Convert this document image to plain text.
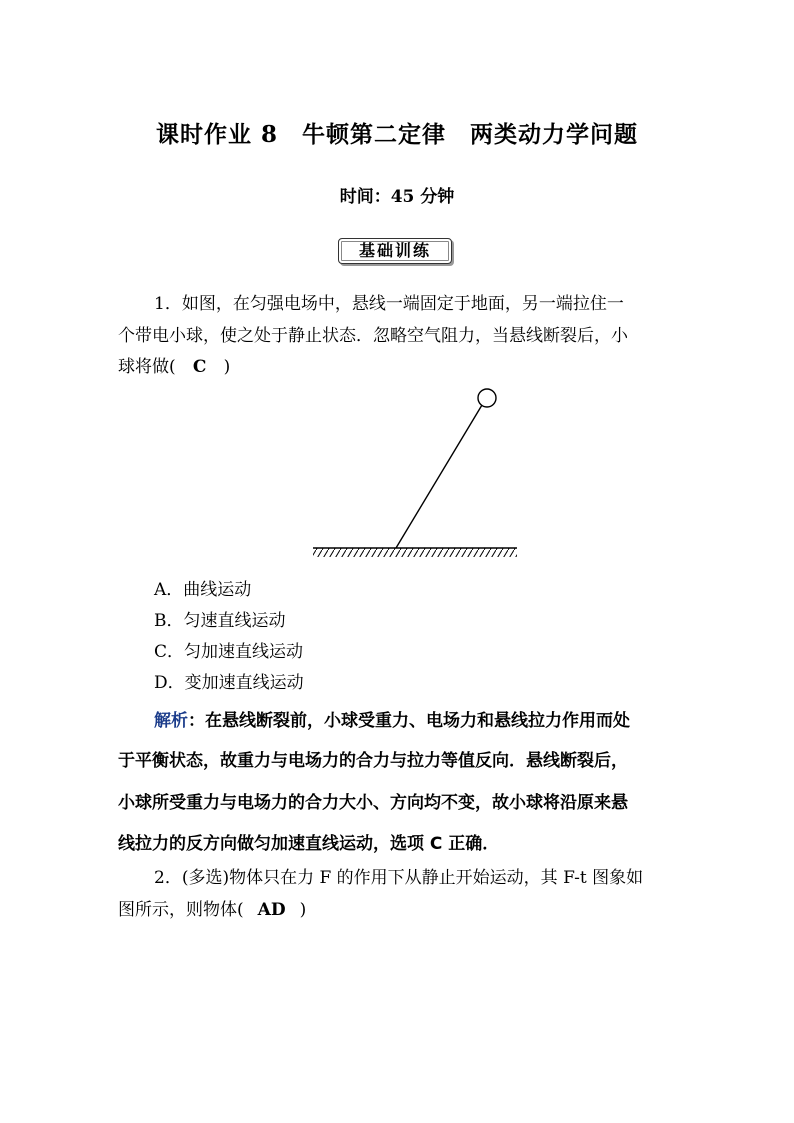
课时作业 8　牛顿第二定律　两类动力学问题
时间：45 分钟
基础训练
1．如图，在匀强电场中，悬线一端固定于地面，另一端拉住一
个带电小球，使之处于静止状态．忽略空气阻力，当悬线断裂后，小
球将做( C )
A．曲线运动
B．匀速直线运动
C．匀加速直线运动
D．变加速直线运动
解析：在悬线断裂前，小球受重力、电场力和悬线拉力作用而处
于平衡状态，故重力与电场力的合力与拉力等值反向．悬线断裂后，
小球所受重力与电场力的合力大小、方向均不变，故小球将沿原来悬
线拉力的反方向做匀加速直线运动，选项 C 正确．
2．(多选)物体只在力 F 的作用下从静止开始运动，其 F-t 图象如
图所示，则物体( AD )
